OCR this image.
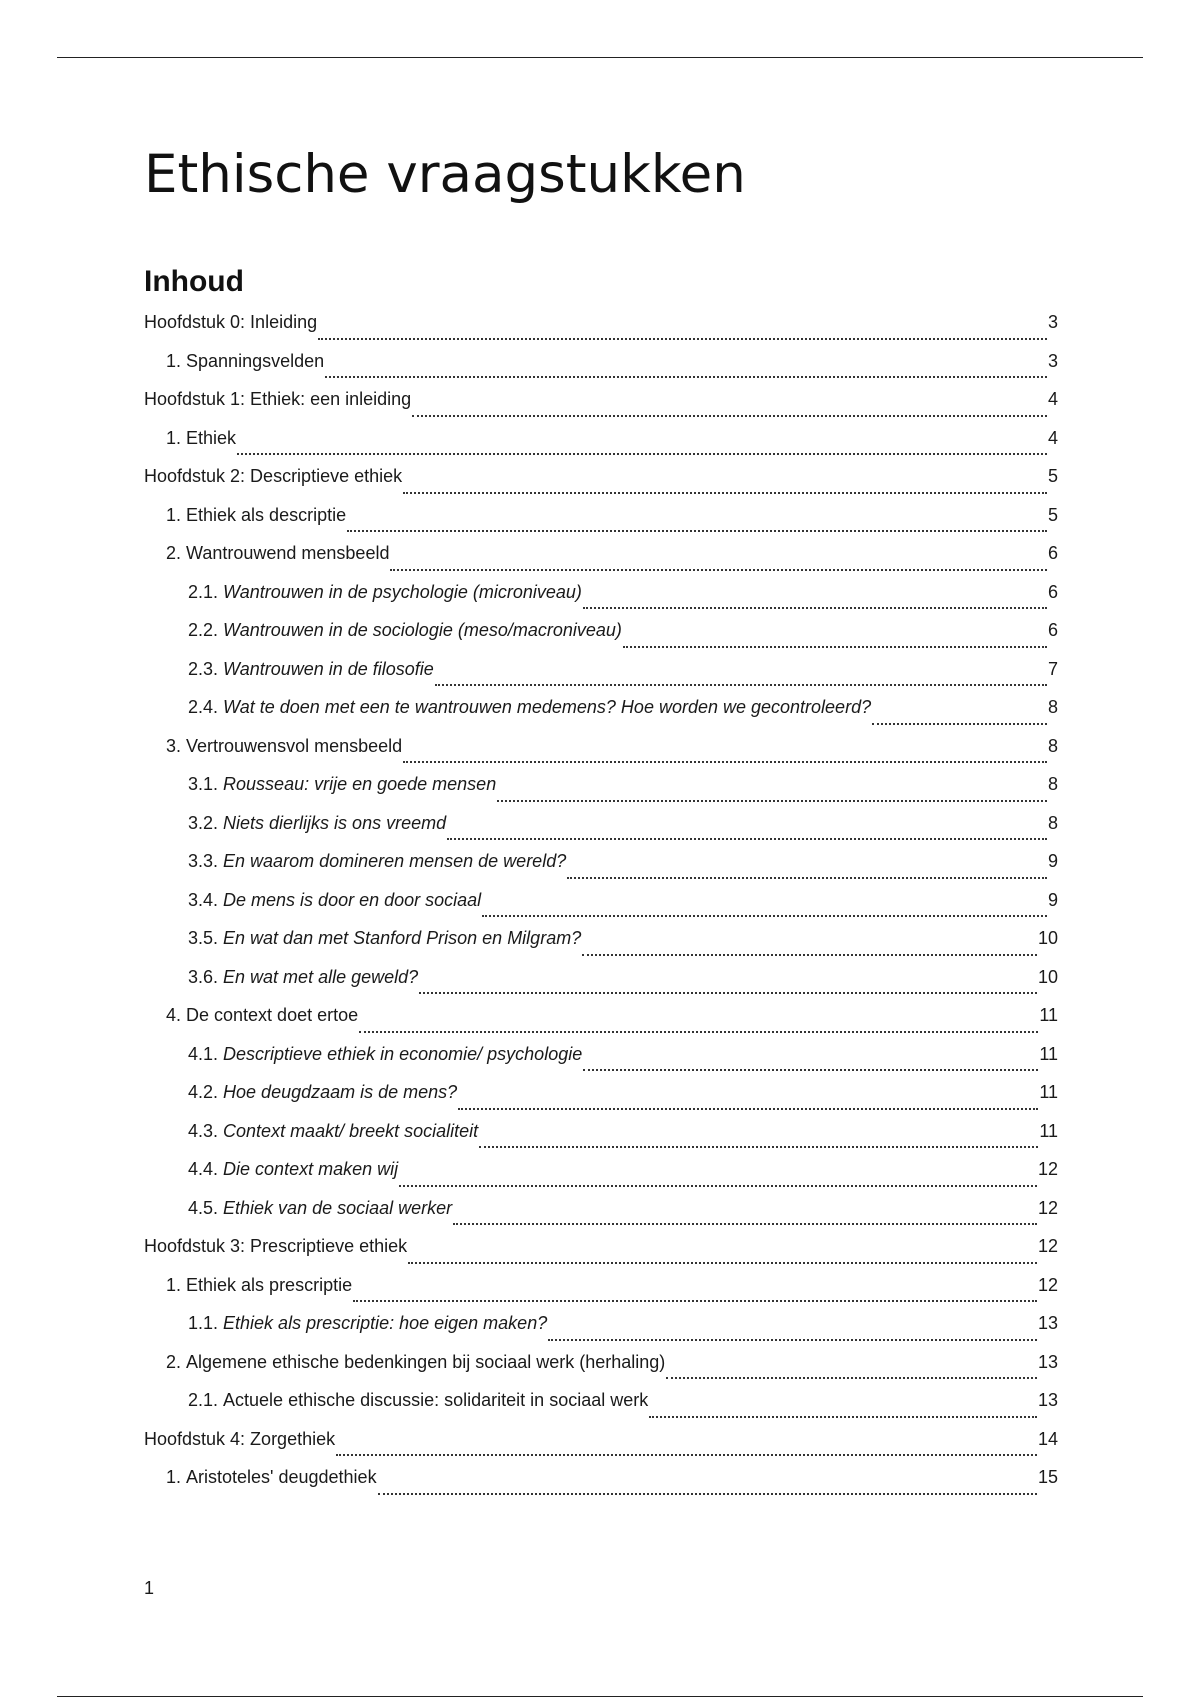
Ethische vraagstukken
Inhoud
Hoofdstuk 0: Inleiding	3
1. Spanningsvelden	3
Hoofdstuk 1: Ethiek: een inleiding	4
1. Ethiek	4
Hoofdstuk 2: Descriptieve ethiek	5
1. Ethiek als descriptie	5
2. Wantrouwend mensbeeld	6
2.1. Wantrouwen in de psychologie (microniveau)	6
2.2. Wantrouwen in de sociologie (meso/macroniveau)	6
2.3. Wantrouwen in de filosofie	7
2.4. Wat te doen met een te wantrouwen medemens? Hoe worden we gecontroleerd?	8
3. Vertrouwensvol mensbeeld	8
3.1. Rousseau: vrije en goede mensen	8
3.2. Niets dierlijks is ons vreemd	8
3.3. En waarom domineren mensen de wereld?	9
3.4. De mens is door en door sociaal	9
3.5. En wat dan met Stanford Prison en Milgram?	10
3.6. En wat met alle geweld?	10
4. De context doet ertoe	11
4.1. Descriptieve ethiek in economie/ psychologie	11
4.2. Hoe deugdzaam is de mens?	11
4.3. Context maakt/ breekt socialiteit	11
4.4. Die context maken wij	12
4.5. Ethiek van de sociaal werker	12
Hoofdstuk 3: Prescriptieve ethiek	12
1. Ethiek als prescriptie	12
1.1. Ethiek als prescriptie: hoe eigen maken?	13
2. Algemene ethische bedenkingen bij sociaal werk (herhaling)	13
2.1. Actuele ethische discussie: solidariteit in sociaal werk	13
Hoofdstuk 4: Zorgethiek	14
1. Aristoteles' deugdethiek	15
1
